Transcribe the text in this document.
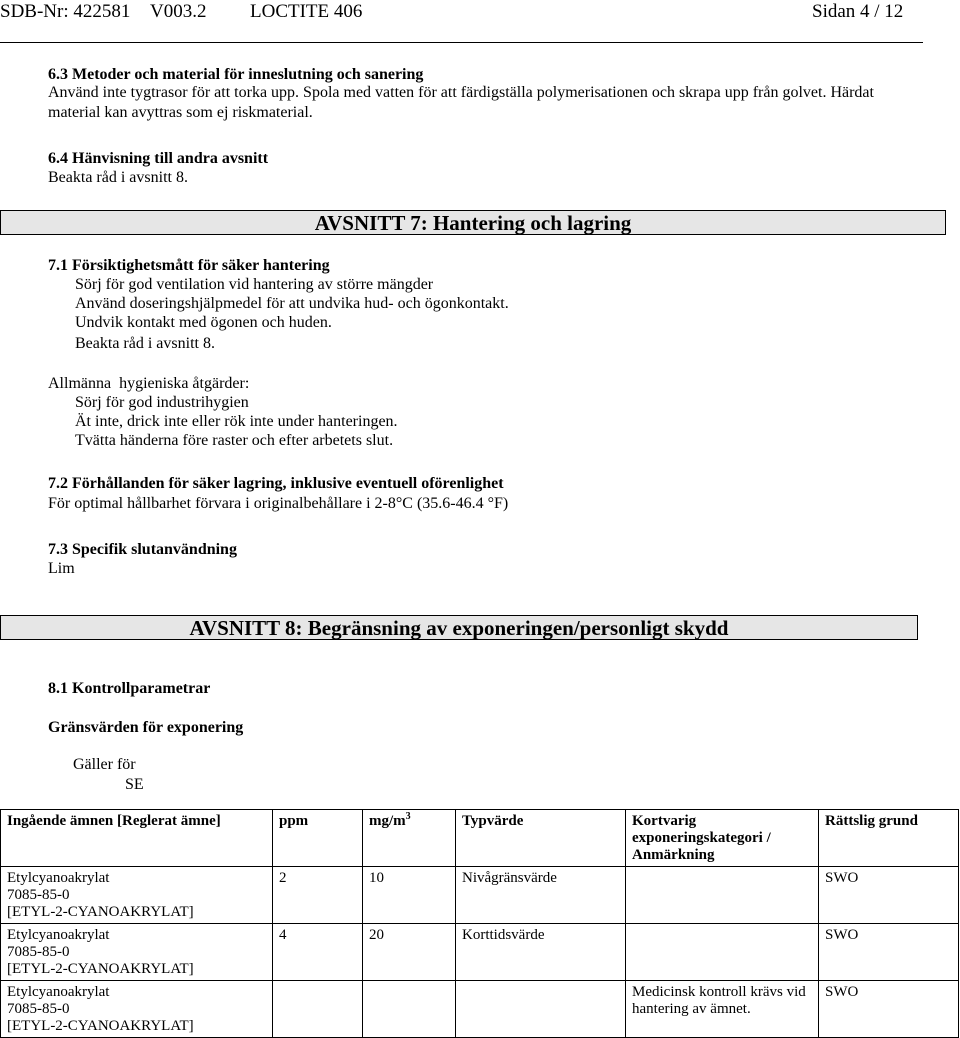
SDB-Nr: 422581 V003.2 LOCTITE 406	Sidan 4 / 12
6.3 Metoder och material för inneslutning och sanering
Använd inte tygtrasor för att torka upp. Spola med vatten för att färdigställa polymerisationen och skrapa upp från golvet. Härdat
material kan avyttras som ej riskmaterial.
6.4 Hänvisning till andra avsnitt
Beakta råd i avsnitt 8.
AVSNITT 7: Hantering och lagring
7.1 Försiktighetsmått för säker hantering
Sörj för god ventilation vid hantering av större mängder
Använd doseringshjälpmedel för att undvika hud- och ögonkontakt.
Undvik kontakt med ögonen och huden.
Beakta råd i avsnitt 8.
Allmänna  hygieniska åtgärder:
Sörj för god industrihygien
Ät inte, drick inte eller rök inte under hanteringen.
Tvätta händerna före raster och efter arbetets slut.
7.2 Förhållanden för säker lagring, inklusive eventuell oförenlighet
För optimal hållbarhet förvara i originalbehållare i 2-8°C (35.6-46.4 °F)
7.3 Specifik slutanvändning
Lim
AVSNITT 8: Begränsning av exponeringen/personligt skydd
8.1 Kontrollparametrar
Gränsvärden för exponering
Gäller för
SE
Ingående ämnen [Reglerat ämne]	ppm	$mg/m^3$	Typvärde	Kortvarig
exponeringskategori /
Anmärkning	Rättslig grund

Etylcyanoakrylat
7085-85-0
[ETYL-2-CYANOAKRYLAT]	2	10	Nivågränsvärde		SWO

Etylcyanoakrylat
7085-85-0
[ETYL-2-CYANOAKRYLAT]	4	20	Korttidsvärde		SWO

Etylcyanoakrylat
7085-85-0
[ETYL-2-CYANOAKRYLAT]				Medicinsk kontroll krävs vid hantering av ämnet.	SWO
